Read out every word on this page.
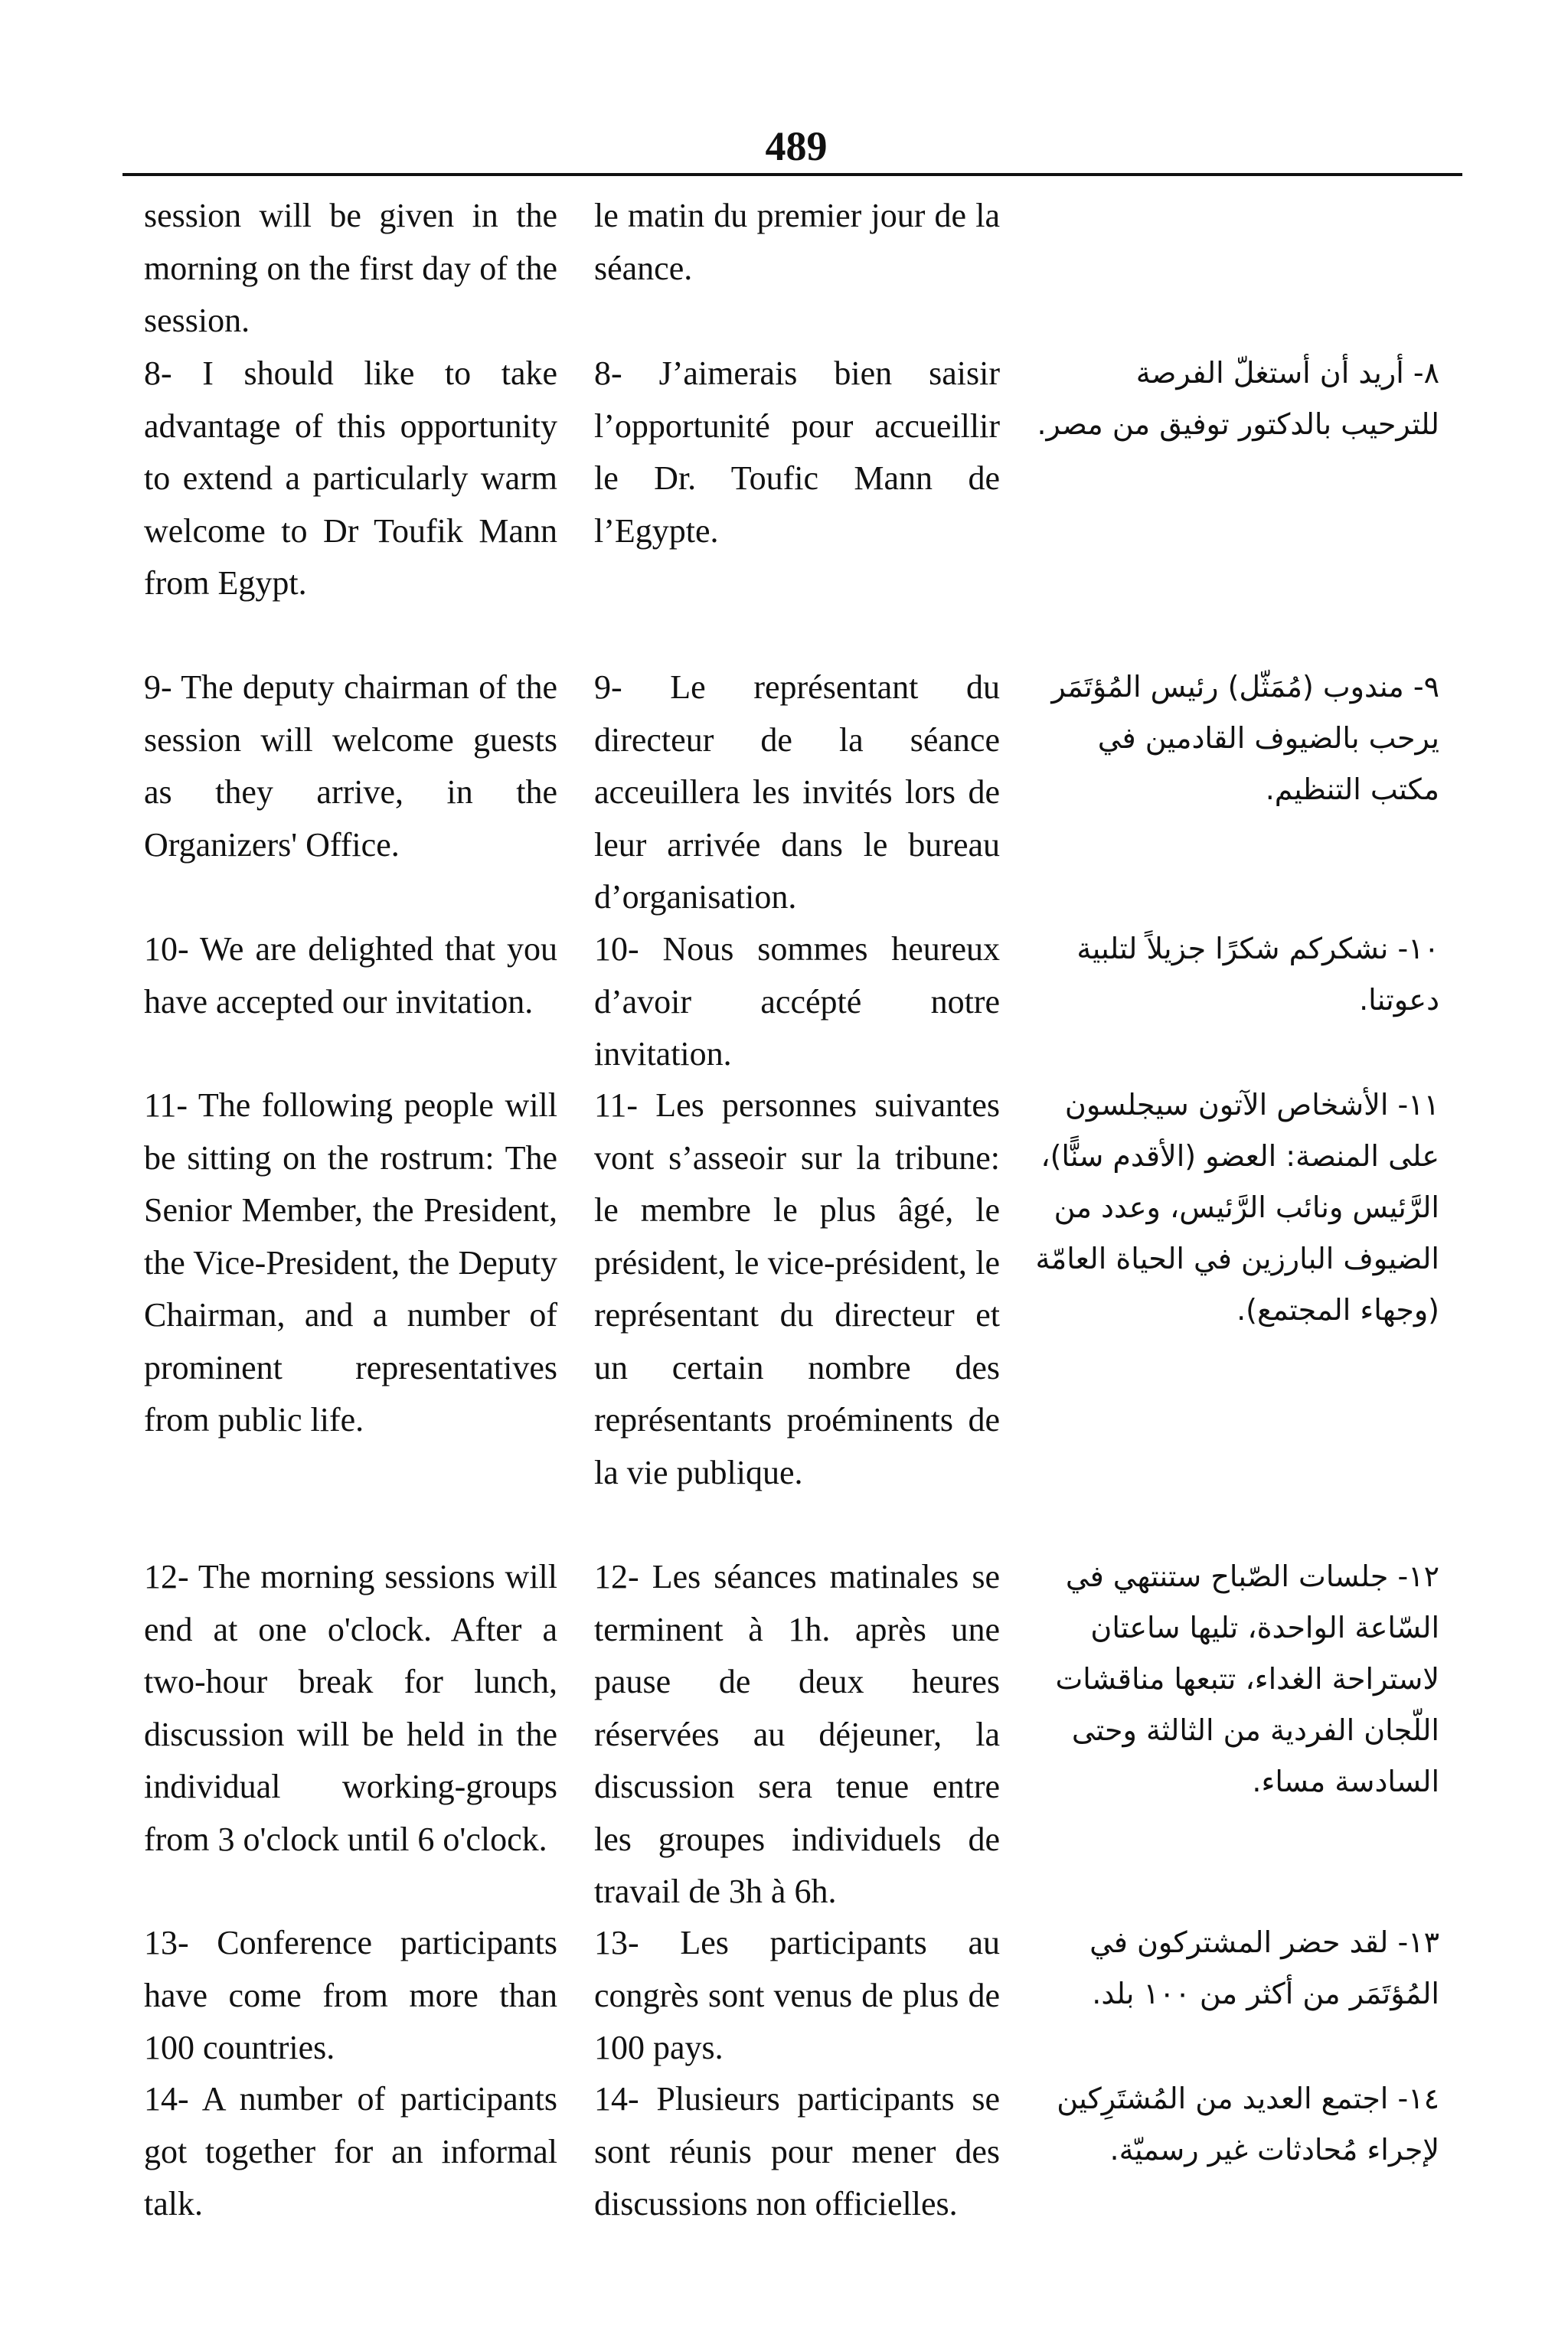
489
session will be given in the morning on the first day of the session.
le matin du premier jour de la séance.
8- I should like to take advantage of this opportunity to extend a particularly warm welcome to Dr Toufik Mann from Egypt.
8- J’aimerais bien saisir l’opportunité pour accueillir le Dr. Toufic Mann de l’Egypte.
٨- أريد أن أستغلّ الفرصة للترحيب بالدكتور توفيق من مصر.
9- The deputy chairman of the session will welcome guests as they arrive, in the Organizers' Office.
9- Le représentant du directeur de la séance acceuillera les invités lors de leur arrivée dans le bureau d’organisation.
٩- مندوب (مُمَثّل) رئيس المُؤتَمَر يرحب بالضيوف القادمين في مكتب التنظيم.
10- We are delighted that you have accepted our invitation.
10- Nous sommes heureux d’avoir accépté notre invitation.
١٠- نشكركم شكرًا جزيلاً لتلبية دعوتنا.
11- The following people will be sitting on the rostrum: The Senior Member, the President, the Vice-President, the Deputy Chairman, and a number of prominent representatives from public life.
11- Les personnes suivantes vont s’asseoir sur la tribune: le membre le plus âgé, le président, le vice-président, le représentant du directeur et un certain nombre des représentants proéminents de la vie publique.
١١- الأشخاص الآتون سيجلسون على المنصة: العضو (الأقدم سنًّا)، الرَّئيس ونائب الرَّئيس، وعدد من الضيوف البارزين في الحياة العامّة (وجهاء المجتمع).
12- The morning sessions will end at one o'clock. After a two-hour break for lunch, discussion will be held in the individual working-groups from 3 o'clock until 6 o'clock.
12- Les séances matinales se terminent à 1h. après une pause de deux heures réservées au déjeuner, la discussion sera tenue entre les groupes individuels de travail de 3h à 6h.
١٢- جلسات الصّباح ستنتهي في السّاعة الواحدة، تليها ساعتان لاستراحة الغداء، تتبعها مناقشات اللّجان الفردية من الثالثة وحتى السادسة مساء.
13- Conference participants have come from more than 100 countries.
13- Les participants au congrès sont venus de plus de 100 pays.
١٣- لقد حضر المشتركون في المُؤتَمَر من أكثر من ١٠٠ بلد.
14- A number of participants got together for an informal talk.
14- Plusieurs participants se sont réunis pour mener des discussions non officielles.
١٤- اجتمع العديد من المُشتَرِكين لإجراء مُحادثات غير رسميّة.
